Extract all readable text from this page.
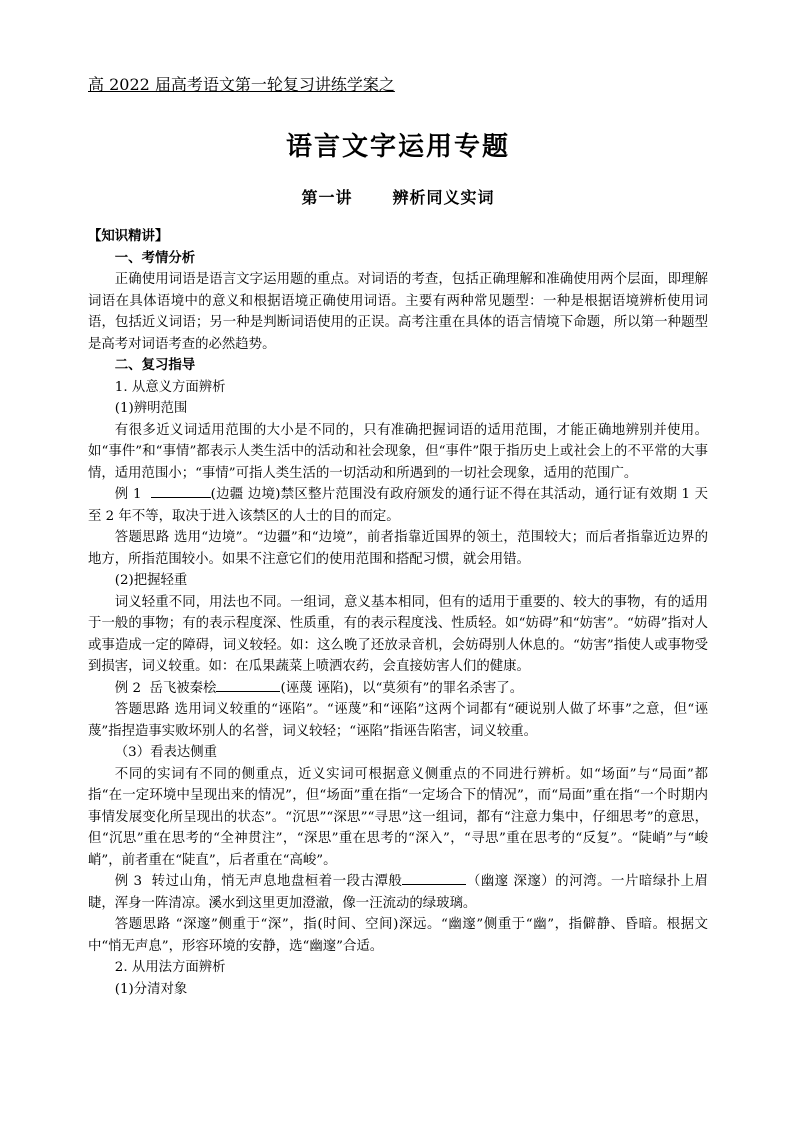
高 2022 届高考语文第一轮复习讲练学案之
语言文字运用专题
第一讲	辨析同义实词

【知识精讲】

一、考情分析

正确使用词语是语言文字运用题的重点。对词语的考查，包括正确理解和准确使用两个层面，即理解词语在具体语境中的意义和根据语境正确使用词语。主要有两种常见题型：一种是根据语境辨析使用词语，包括近义词语；另一种是判断词语使用的正误。高考注重在具体的语言情境下命题，所以第一种题型是高考对词语考查的必然趋势。

二、复习指导

1. 从意义方面辨析

(1)辨明范围

有很多近义词适用范围的大小是不同的，只有准确把握词语的适用范围，才能正确地辨别并使用。如“事件”和“事情”都表示人类生活中的活动和社会现象，但“事件”限于指历史上或社会上的不平常的大事情，适用范围小；“事情”可指人类生活的一切活动和所遇到的一切社会现象，适用的范围广。

例 1	(边疆 边境)禁区整片范围没有政府颁发的通行证不得在其活动，通行证有效期 1 天至 2 年不等，取决于进入该禁区的人士的目的而定。

答题思路 选用“边境”。“边疆”和“边境”，前者指靠近国界的领土，范围较大；而后者指靠近边界的地方，所指范围较小。如果不注意它们的使用范围和搭配习惯，就会用错。

(2)把握轻重

词义轻重不同，用法也不同。一组词，意义基本相同，但有的适用于重要的、较大的事物，有的适用于一般的事物；有的表示程度深、性质重，有的表示程度浅、性质轻。如“妨碍”和“妨害”。“妨碍”指对人或事造成一定的障碍，词义较轻。如：这么晚了还放录音机，会妨碍别人休息的。“妨害”指使人或事物受到损害，词义较重。如：在瓜果蔬菜上喷洒农药，会直接妨害人们的健康。

例 2 岳飞被秦桧	(诬蔑 诬陷)，以“莫须有”的罪名杀害了。

答题思路 选用词义较重的“诬陷”。“诬蔑”和“诬陷”这两个词都有“硬说别人做了坏事”之意，但“诬蔑”指捏造事实败坏别人的名誉，词义较轻；“诬陷”指诬告陷害，词义较重。

（3）看表达侧重

不同的实词有不同的侧重点，近义实词可根据意义侧重点的不同进行辨析。如“场面”与“局面”都指“在一定环境中呈现出来的情况”，但“场面”重在指“一定场合下的情况”，而“局面”重在指“一个时期内事情发展变化所呈现出的状态”。“沉思”“深思”“寻思”这一组词，都有“注意力集中，仔细思考”的意思，但“沉思”重在思考的“全神贯注”，“深思”重在思考的“深入”，“寻思”重在思考的“反复”。“陡峭”与“峻峭”，前者重在“陡直”，后者重在“高峻”。

例 3 转过山角，悄无声息地盘桓着一段古潭般	（幽邃 深邃）的河湾。一片暗绿扑上眉睫，浑身一阵清凉。溪水到这里更加澄澈，像一汪流动的绿玻璃。

答题思路 “深邃”侧重于“深”，指(时间、空间)深远。“幽邃”侧重于“幽”，指僻静、昏暗。根据文中“悄无声息”，形容环境的安静，选“幽邃”合适。

2. 从用法方面辨析

(1)分清对象
